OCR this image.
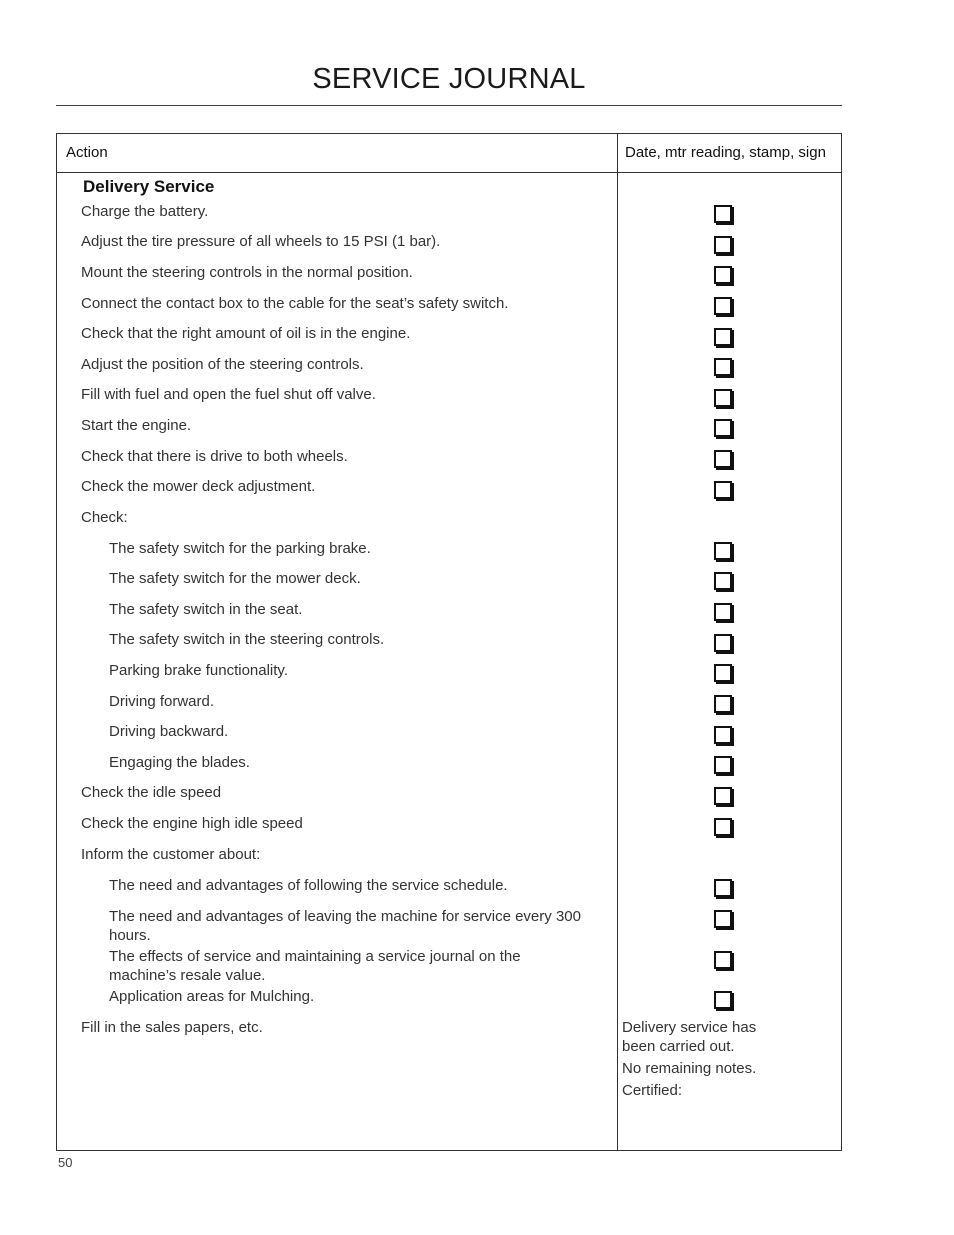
SERVICE JOURNAL
Action	Date, mtr reading, stamp, sign
Delivery Service
Charge the battery.
Adjust the tire pressure of all wheels to 15 PSI (1 bar).
Mount the steering controls in the normal position.
Connect the contact box to the cable for the seat’s safety switch.
Check that the right amount of oil is in the engine.
Adjust the position of the steering controls.
Fill with fuel and open the fuel shut off valve.
Start the engine.
Check that there is drive to both wheels.
Check the mower deck adjustment.
Check:
The safety switch for the parking brake.
The safety switch for the mower deck.
The safety switch in the seat.
The safety switch in the steering controls.
Parking brake functionality.
Driving forward.
Driving backward.
Engaging the blades.
Check the idle speed
Check the engine high idle speed
Inform the customer about:
The need and advantages of following the service schedule.
The need and advantages of leaving the machine for service every 300
hours.
The effects of service and maintaining a service journal on the
machine’s resale value.
Application areas for Mulching.
Fill in the sales papers, etc.	Delivery service has
been carried out.
No remaining notes.
Certified:
50
